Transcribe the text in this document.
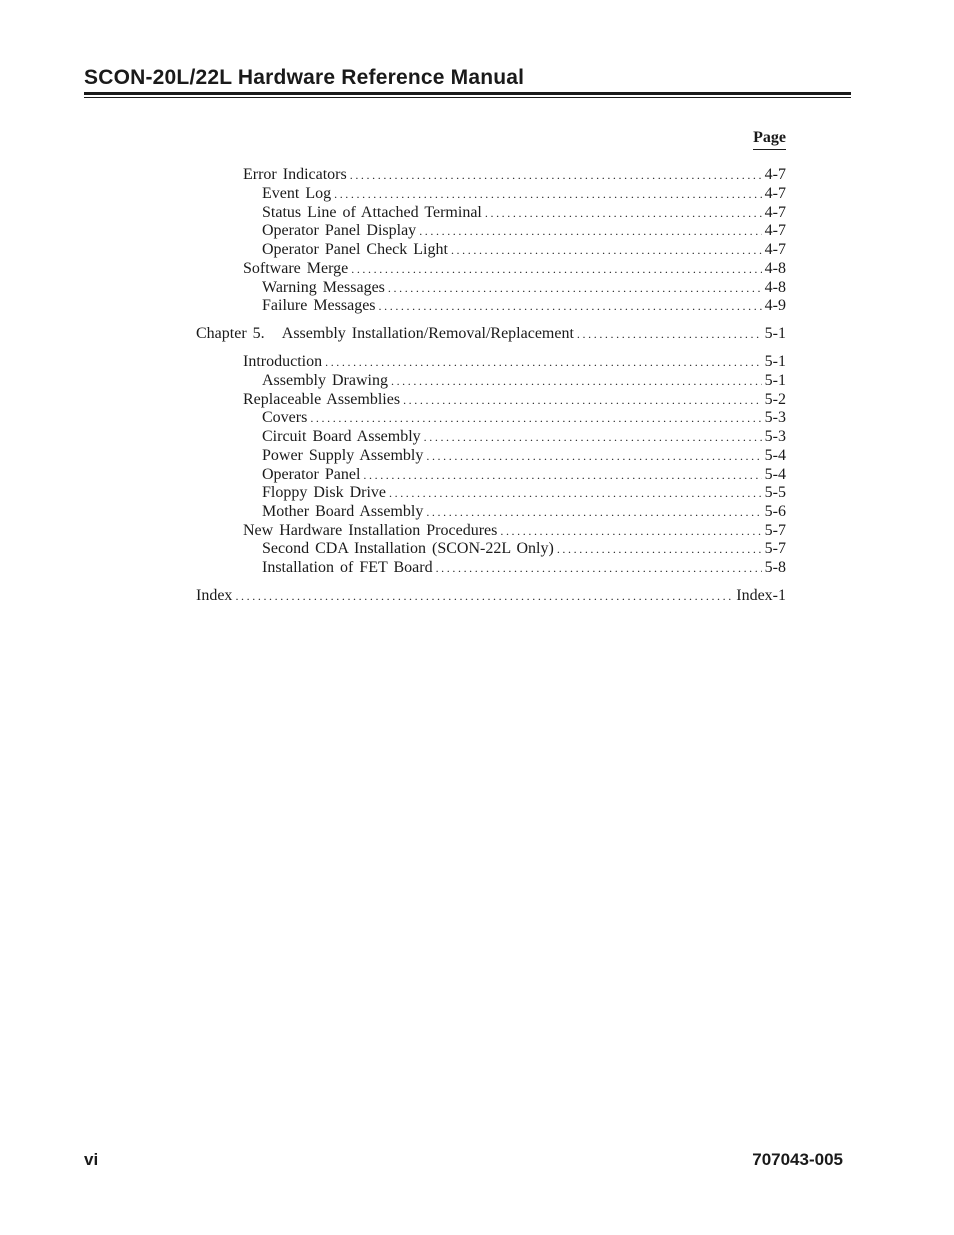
SCON-20L/22L Hardware Reference Manual
Page
Error Indicators . . .	4-7
Event Log . . .	4-7
Status Line of Attached Terminal . . .	4-7
Operator Panel Display . . .	4-7
Operator Panel Check Light . . .	4-7
Software Merge . . .	4-8
Warning Messages . . .	4-8
Failure Messages . . .	4-9
Chapter 5.   Assembly Installation/Removal/Replacement . . .	5-1
Introduction . . .	5-1
Assembly Drawing . . .	5-1
Replaceable Assemblies . . .	5-2
Covers . . .	5-3
Circuit Board Assembly . . .	5-3
Power Supply Assembly . . .	5-4
Operator Panel . . .	5-4
Floppy Disk Drive . . .	5-5
Mother Board Assembly . . .	5-6
New Hardware Installation Procedures . . .	5-7
Second CDA Installation (SCON-22L Only) . . .	5-7
Installation of FET Board . . .	5-8
Index . . .	Index-1
vi	707043-005
